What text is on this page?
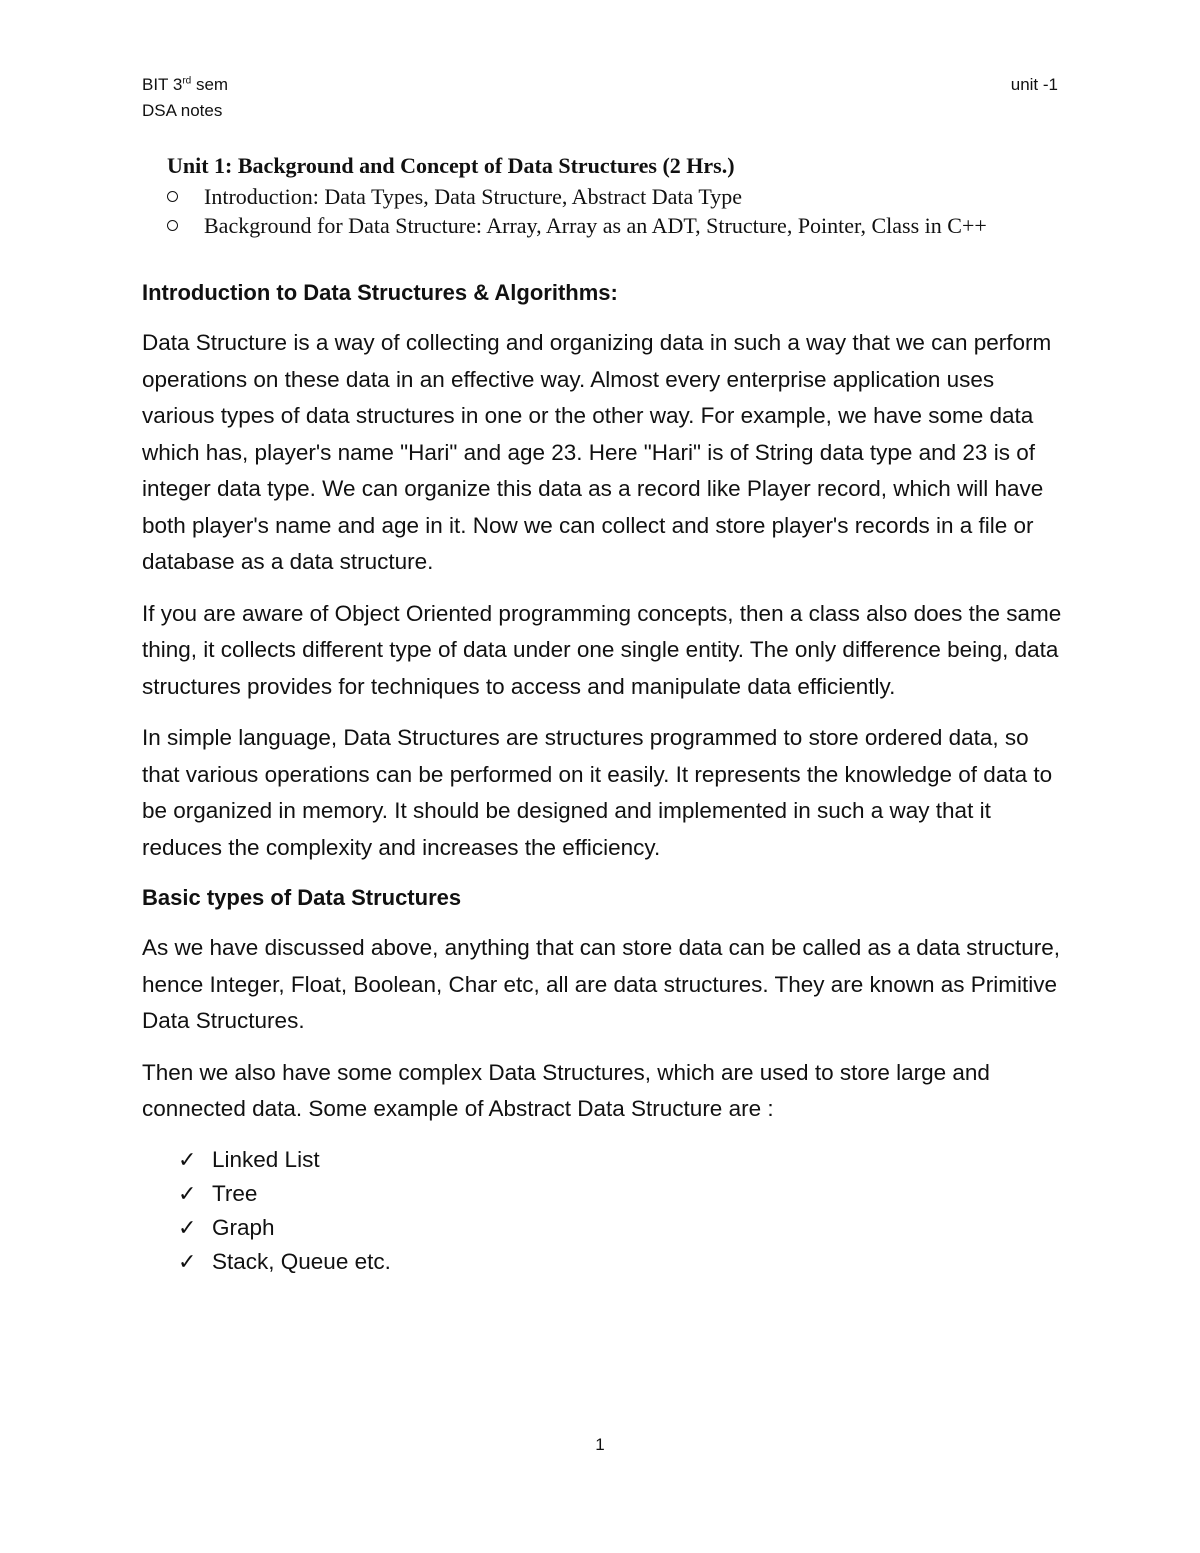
BIT 3rd sem
DSA notes
unit -1
Unit 1: Background and Concept of Data Structures (2 Hrs.)
Introduction: Data Types, Data Structure, Abstract Data Type
Background for Data Structure: Array, Array as an ADT, Structure, Pointer, Class in C++
Introduction to Data Structures & Algorithms:

Data Structure is a way of collecting and organizing data in such a way that we can perform operations on these data in an effective way. Almost every enterprise application uses various types of data structures in one or the other way. For example, we have some data which has, player's name "Hari" and age 23. Here "Hari" is of String data type and 23 is of integer data type. We can organize this data as a record like Player record, which will have both player's name and age in it. Now we can collect and store player's records in a file or database as a data structure.

If you are aware of Object Oriented programming concepts, then a class also does the same thing, it collects different type of data under one single entity. The only difference being, data structures provides for techniques to access and manipulate data efficiently.

In simple language, Data Structures are structures programmed to store ordered data, so that various operations can be performed on it easily. It represents the knowledge of data to be organized in memory. It should be designed and implemented in such a way that it reduces the complexity and increases the efficiency.

Basic types of Data Structures

As we have discussed above, anything that can store data can be called as a data structure, hence Integer, Float, Boolean, Char etc, all are data structures. They are known as Primitive Data Structures.

Then we also have some complex Data Structures, which are used to store large and connected data. Some example of Abstract Data Structure are :

✓ Linked List
✓ Tree
✓ Graph
✓ Stack, Queue etc.
1
